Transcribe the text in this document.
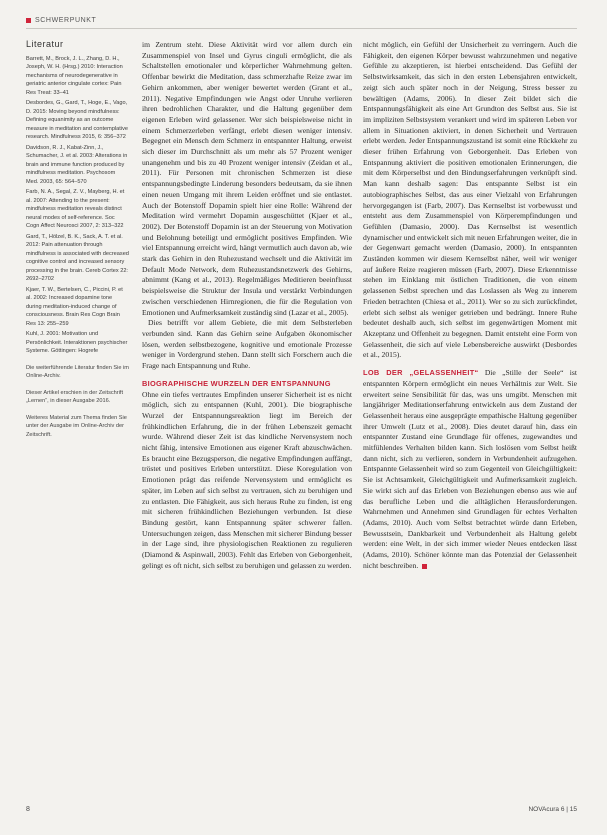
SCHWERPUNKT
Literatur

Barrett, M., Brock, J. L., Zhang, D. H., Joseph, W. H. (Hrsg.) 2010: Interaction mechanisms of neurodegenerative in geriatric anterior cingulate cortex: Pain Res Treat: 33–41

Desbordes, G., Gard, T., Hoge, E., Vago, D. 2015: Moving beyond mindfulness: Defining equanimity as an outcome measure in meditation and contemplative research. Mindfulness 2015, 6: 356–372

Davidson, R. J., Kabat-Zinn, J., Schumacher, J. et al. 2003: Alterations in brain and immune function produced by mindfulness meditation. Psychosom Med. 2003, 65: 564–570

Farb, N. A., Segal, Z. V., Mayberg, H. et al. 2007: Attending to the present: mindfulness meditation reveals distinct neural modes of self-reference. Soc Cogn Affect Neurosci 2007, 2: 313–322

Gard, T., Hölzel, B. K., Sack, A. T. et al. 2012: Pain attenuation through mindfulness is associated with decreased cognitive control and increased sensory processing in the brain. Cereb Cortex 22: 2692–2702

Kjaer, T. W., Bertelsen, C., Piccini, P. et al. 2002: Increased dopamine tone during meditation-induced change of consciousness. Brain Res Cogn Brain Res 13: 255–259

Kuhl, J. 2001: Motivation und Persönlichkeit. Interaktionen psychischer Systeme. Göttingen: Hogrefe

Die weiterführende Literatur finden Sie im Online-Archiv.

Dieser Artikel erschien in der Zeitschrift „Lernen“, in dieser Ausgabe 2016.

Weiteres Material zum Thema finden Sie unter der Ausgabe im Online-Archiv der Zeitschrift.

im Zentrum steht. Diese Aktivität wird vor allem durch ein Zusammenspiel von Insel und Gyrus cinguli ermöglicht, die als Schaltstellen emotionaler und körperlicher Wahrnehmung gelten. Offenbar bewirkt die Meditation, dass schmerzhafte Reize zwar im Gehirn ankommen, aber weniger bewertet werden (Grant et al., 2011). Negative Empfindungen wie Angst oder Unruhe verlieren ihren bedrohlichen Charakter, und die Haltung gegenüber dem eigenen Erleben wird gelassener. Wer sich beispielsweise nicht in einem Schmerzerleben verfängt, erlebt diesen weniger intensiv. Begegnet ein Mensch dem Schmerz in entspannter Haltung, erweist sich dieser im Durchschnitt als um mehr als 57 Prozent weniger unangenehm und bis zu 40 Prozent weniger intensiv (Zeidan et al., 2011). Für Personen mit chronischen Schmerzen ist diese entspannungsbedingte Linderung besonders bedeutsam, da sie ihnen einen neuen Umgang mit ihrem Leiden eröffnet und sie entlastet. Auch der Botenstoff Dopamin spielt hier eine Rolle: Während der Meditation wird vermehrt Dopamin ausgeschüttet (Kjaer et al., 2002). Der Botenstoff Dopamin ist an der Steuerung von Motivation und Belohnung beteiligt und ermöglicht positives Empfinden. Wie viel Entspannung erreicht wird, hängt vermutlich auch davon ab, wie stark das Gehirn in den Ruhezustand wechselt und die Aktivität im Default Mode Network, dem Ruhezustandsnetzwerk des Gehirns, abnimmt (Kang et al., 2013). Regelmäßiges Meditieren beeinflusst beispielsweise die Struktur der Insula und verstärkt Verbindungen zwischen verschiedenen Hirnregionen, die für die Regulation von Emotionen und Aufmerksamkeit zuständig sind (Lazar et al., 2005).

Dies betrifft vor allem Gebiete, die mit dem Selbsterleben verbunden sind. Kann das Gehirn seine Aufgaben ökonomischer lösen, werden selbstbezogene, kognitive und emotionale Prozesse weniger in Vordergrund stehen. Dann stellt sich Forschern auch die Frage nach Entspannung und Ruhe.

BIOGRAPHISCHE WURZELN DER ENTSPANNUNG

Ohne ein tiefes vertrautes Empfinden unserer Sicherheit ist es nicht möglich, sich zu entspannen (Kuhl, 2001). Die biographische Wurzel der Entspannungsreaktion liegt im Bereich der frühkindlichen Erfahrung, die in der frühen Lebenszeit gemacht wurde. Während dieser Zeit ist das kindliche Nervensystem noch nicht fähig, intensive Emotionen aus eigener Kraft abzuschwächen. Es braucht eine Bezugsperson, die negative Empfindungen auffängt, tröstet und positives Erleben unterstützt. Diese Koregulation von Emotionen prägt das reifende Nervensystem und ermöglicht es später, im Leben auf sich selbst zu vertrauen, sich zu beruhigen und zu entlasten. Die Fähigkeit, aus sich heraus Ruhe zu finden, ist eng mit sicheren frühkindlichen Beziehungen verbunden. Ist diese Bindung gestört, kann Entspannung später schwerer fallen. Untersuchungen zeigen, dass Menschen mit sicherer Bindung besser in der Lage sind, ihre physiologischen Reaktionen zu regulieren (Diamond & Aspinwall, 2003). Fehlt das Erleben von Geborgenheit, gelingt es oft nicht, sich selbst zu beruhigen und gelassen zu werden.

nicht möglich, ein Gefühl der Unsicherheit zu verringern. Auch die Fähigkeit, den eigenen Körper bewusst wahrzunehmen und negative Gefühle zu akzeptieren, ist hierbei entscheidend. Das Gefühl der Selbstwirksamkeit, das sich in den ersten Lebensjahren entwickelt, zeigt sich auch später noch in der Neigung, Stress besser zu bewältigen (Adams, 2006). In dieser Zeit bildet sich die Entspannungsfähigkeit als eine Art Grundton des Selbst aus. Sie ist im impliziten Selbstsystem verankert und wird im späteren Leben vor allem in Situationen aktiviert, in denen Sicherheit und Vertrauen erlebt werden. Jeder Entspannungszustand ist somit eine Rückkehr zu dieser frühen Erfahrung von Geborgenheit. Das Erleben von Entspannung aktiviert die positiven emotionalen Erinnerungen, die mit dem Körperselbst und den Bindungserfahrungen verknüpft sind. Man kann deshalb sagen: Das entspannte Selbst ist ein autobiographisches Selbst, das aus einer Vielzahl von Erfahrungen hervorgegangen ist (Farb, 2007). Das Kernselbst ist vorbewusst und entsteht aus dem Zusammenspiel von Körperempfindungen und Gefühlen (Damasio, 2000). Das Kernselbst ist wesentlich dynamischer und entwickelt sich mit neuen Erfahrungen weiter, die in der Gegenwart gemacht werden (Damasio, 2000). In entspannten Zuständen kommen wir diesem Kernselbst näher, weil wir weniger auf äußere Reize reagieren müssen (Farb, 2007). Diese Erkenntnisse stehen im Einklang mit östlichen Traditionen, die von einem gelassenen Selbst sprechen und das Loslassen als Weg zu innerem Frieden betrachten (Chiesa et al., 2011). Wer so zu sich zurückfindet, erlebt sich selbst als weniger getrieben und bedrängt. Innere Ruhe bedeutet deshalb auch, sich selbst im gegenwärtigen Moment mit Akzeptanz und Offenheit zu begegnen. Damit entsteht eine Form von Gelassenheit, die sich auf viele Lebensbereiche auswirkt (Desbordes et al., 2015).

LOB DER „GELASSENHEIT“ Die „Stille der Seele“ ist entspannten Körpern ermöglicht ein neues Verhältnis zur Welt. Sie erweitert seine Sensibilität für das, was uns umgibt. Menschen mit langjähriger Meditationserfahrung entwickeln aus dem Zustand der Gelassenheit heraus eine ausgeprägte empathische Haltung gegenüber ihrer Umwelt (Lutz et al., 2008). Dies deutet darauf hin, dass ein entspannter Zustand eine Grundlage für offenes, zugewandtes und mitfühlendes Verhalten bilden kann. Sich loslösen vom Selbst heißt dann nicht, sich zu verlieren, sondern in Verbundenheit aufzugehen. Entspannte Gelassenheit wird so zum Gegenteil von Gleichgültigkeit: Sie ist Achtsamkeit, Gleichgültigkeit und Aufmerksamkeit zugleich. Sie wirkt sich auf das Erleben von Beziehungen ebenso aus wie auf das berufliche Leben und die alltäglichen Herausforderungen. Wahrnehmen und Annehmen sind Grundlagen für echtes Verhalten (Adams, 2010). Auch vom Selbst betrachtet würde dann Erleben, Bewusstsein, Dankbarkeit und Verbundenheit als Haltung gelebt werden: eine Welt, in der sich immer wieder Neues entdecken lässt (Adams, 2010). Schöner könnte man das Potenzial der Gelassenheit nicht beschreiben.

8	NOVAcura 6 | 15
